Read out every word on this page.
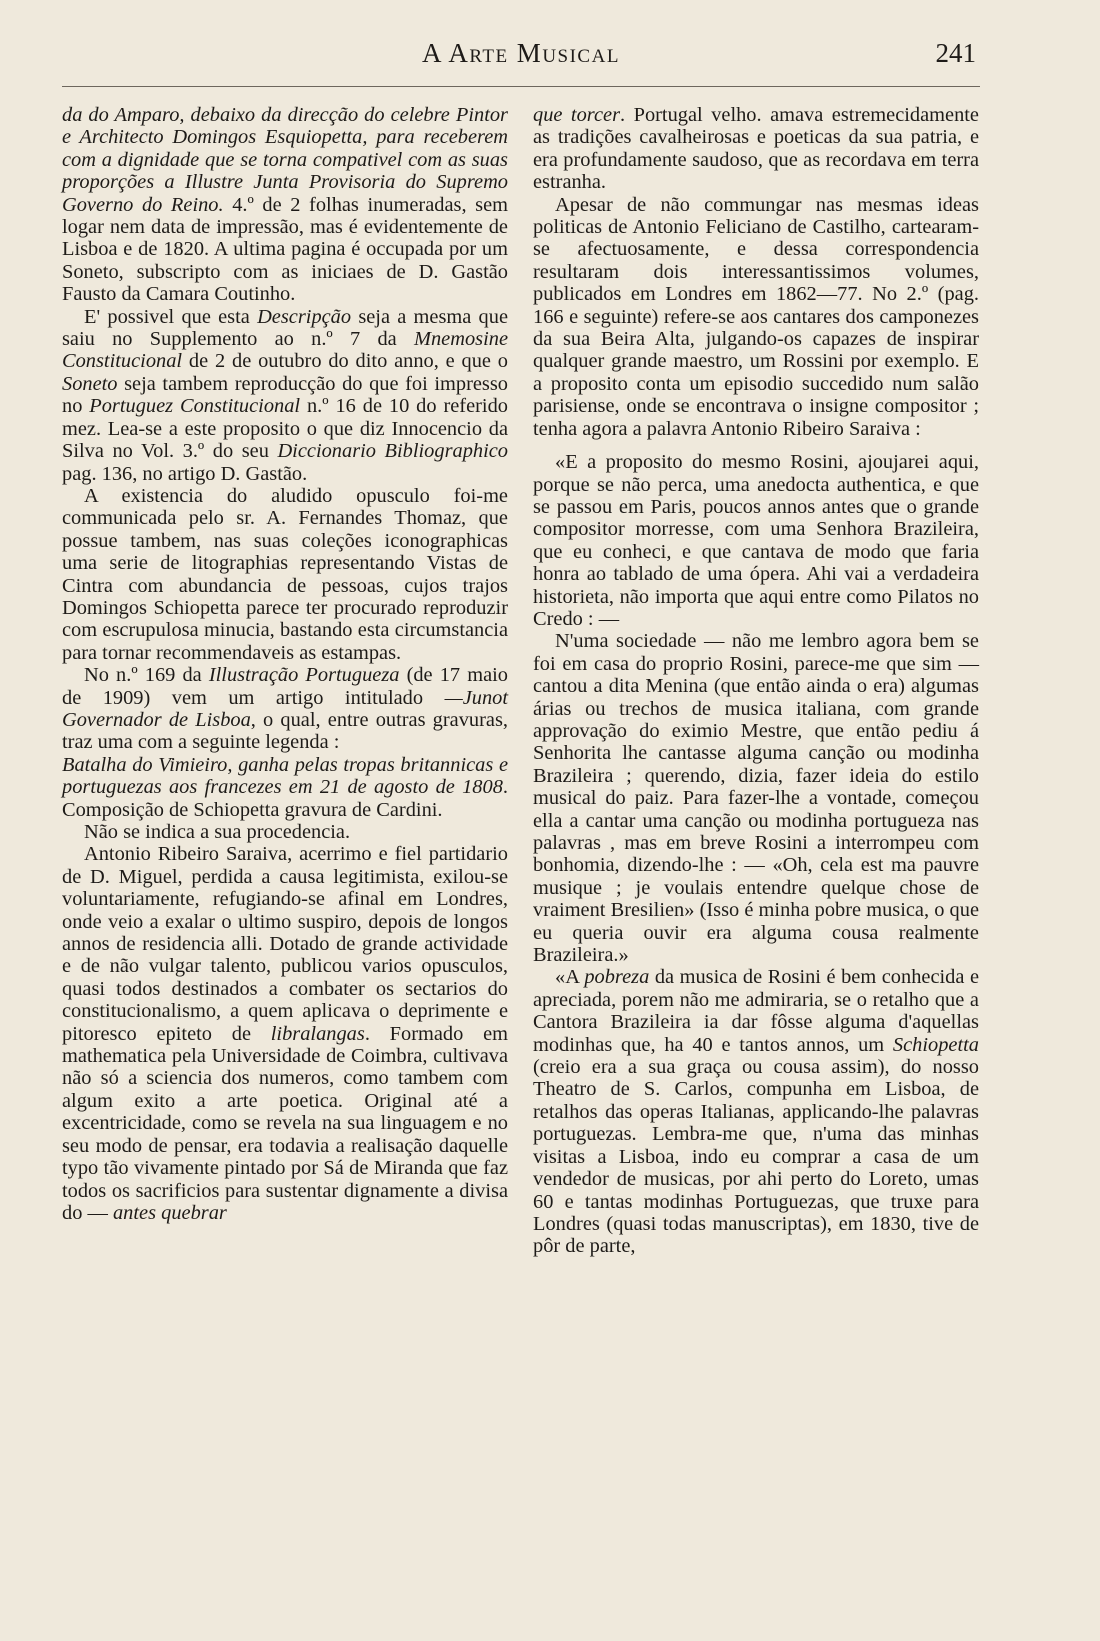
A Arte Musical	241

da do Amparo, debaixo da direcção do celebre Pintor e Architecto Domingos Esquiopetta, para receberem com a dignidade que se torna compativel com as suas proporções a Illustre Junta Provisoria do Supremo Governo do Reino. 4.º de 2 folhas inumeradas, sem logar nem data de impressão, mas é evidentemente de Lisboa e de 1820. A ultima pagina é occupada por um Soneto, subscripto com as iniciaes de D. Gastão Fausto da Camara Coutinho.

E' possivel que esta Descripção seja a mesma que saiu no Supplemento ao n.º 7 da Mnemosine Constitucional de 2 de outubro do dito anno, e que o Soneto seja tambem reproducção do que foi impresso no Portuguez Constitucional n.º 16 de 10 do referido mez. Lea-se a este proposito o que diz Innocencio da Silva no Vol. 3.º do seu Diccionario Bibliographico pag. 136, no artigo D. Gastão.

A existencia do aludido opusculo foi-me communicada pelo sr. A. Fernandes Thomaz, que possue tambem, nas suas coleções iconographicas uma serie de litographias representando Vistas de Cintra com abundancia de pessoas, cujos trajos Domingos Schiopetta parece ter procurado reproduzir com escrupulosa minucia, bastando esta circumstancia para tornar recommendaveis as estampas.

No n.º 169 da Illustração Portugueza (de 17 maio de 1909) vem um artigo intitulado —Junot Governador de Lisboa, o qual, entre outras gravuras, traz uma com a seguinte legenda :

Batalha do Vimieiro, ganha pelas tropas britannicas e portuguezas aos francezes em 21 de agosto de 1808. Composição de Schiopetta gravura de Cardini.

Não se indica a sua procedencia.

Antonio Ribeiro Saraiva, acerrimo e fiel partidario de D. Miguel, perdida a causa legitimista, exilou-se voluntariamente, refugiando-se afinal em Londres, onde veio a exalar o ultimo suspiro, depois de longos annos de residencia alli. Dotado de grande actividade e de não vulgar talento, publicou varios opusculos, quasi todos destinados a combater os sectarios do constitucionalismo, a quem aplicava o deprimente e pitoresco epiteto de libralangas. Formado em mathematica pela Universidade de Coimbra, cultivava não só a sciencia dos numeros, como tambem com algum exito a arte poetica. Original até a excentricidade, como se revela na sua linguagem e no seu modo de pensar, era todavia a realisação daquelle typo tão vivamente pintado por Sá de Miranda que faz todos os sacrificios para sustentar dignamente a divisa do — antes quebrar

que torcer. Portugal velho. amava estremecidamente as tradições cavalheirosas e poeticas da sua patria, e era profundamente saudoso, que as recordava em terra estranha.

Apesar de não commungar nas mesmas ideas politicas de Antonio Feliciano de Castilho, cartearam-se afectuosamente, e dessa correspondencia resultaram dois interessantissimos volumes, publicados em Londres em 1862—77. No 2.º (pag. 166 e seguinte) refere-se aos cantares dos camponezes da sua Beira Alta, julgando-os capazes de inspirar qualquer grande maestro, um Rossini por exemplo. E a proposito conta um episodio succedido num salão parisiense, onde se encontrava o insigne compositor ; tenha agora a palavra Antonio Ribeiro Saraiva :

«E a proposito do mesmo Rosini, ajoujarei aqui, porque se não perca, uma anedocta authentica, e que se passou em Paris, poucos annos antes que o grande compositor morresse, com uma Senhora Brazileira, que eu conheci, e que cantava de modo que faria honra ao tablado de uma ópera. Ahi vai a verdadeira historieta, não importa que aqui entre como Pilatos no Credo : —

N'uma sociedade — não me lembro agora bem se foi em casa do proprio Rosini, parece-me que sim — cantou a dita Menina (que então ainda o era) algumas árias ou trechos de musica italiana, com grande approvação do eximio Mestre, que então pediu á Senhorita lhe cantasse alguma canção ou modinha Brazileira ; querendo, dizia, fazer ideia do estilo musical do paiz. Para fazer-lhe a vontade, começou ella a cantar uma canção ou modinha portugueza nas palavras , mas em breve Rosini a interrompeu com bonhomia, dizendo-lhe : — «Oh, cela est ma pauvre musique ; je voulais entendre quelque chose de vraiment Bresilien» (Isso é minha pobre musica, o que eu queria ouvir era alguma cousa realmente Brazileira.»

«A pobreza da musica de Rosini é bem conhecida e apreciada, porem não me admiraria, se o retalho que a Cantora Brazileira ia dar fôsse alguma d'aquellas modinhas que, ha 40 e tantos annos, um Schiopetta (creio era a sua graça ou cousa assim), do nosso Theatro de S. Carlos, compunha em Lisboa, de retalhos das operas Italianas, applicando-lhe palavras portuguezas. Lembra-me que, n'uma das minhas visitas a Lisboa, indo eu comprar a casa de um vendedor de musicas, por ahi perto do Loreto, umas 60 e tantas modinhas Portuguezas, que truxe para Londres (quasi todas manuscriptas), em 1830, tive de pôr de parte,
